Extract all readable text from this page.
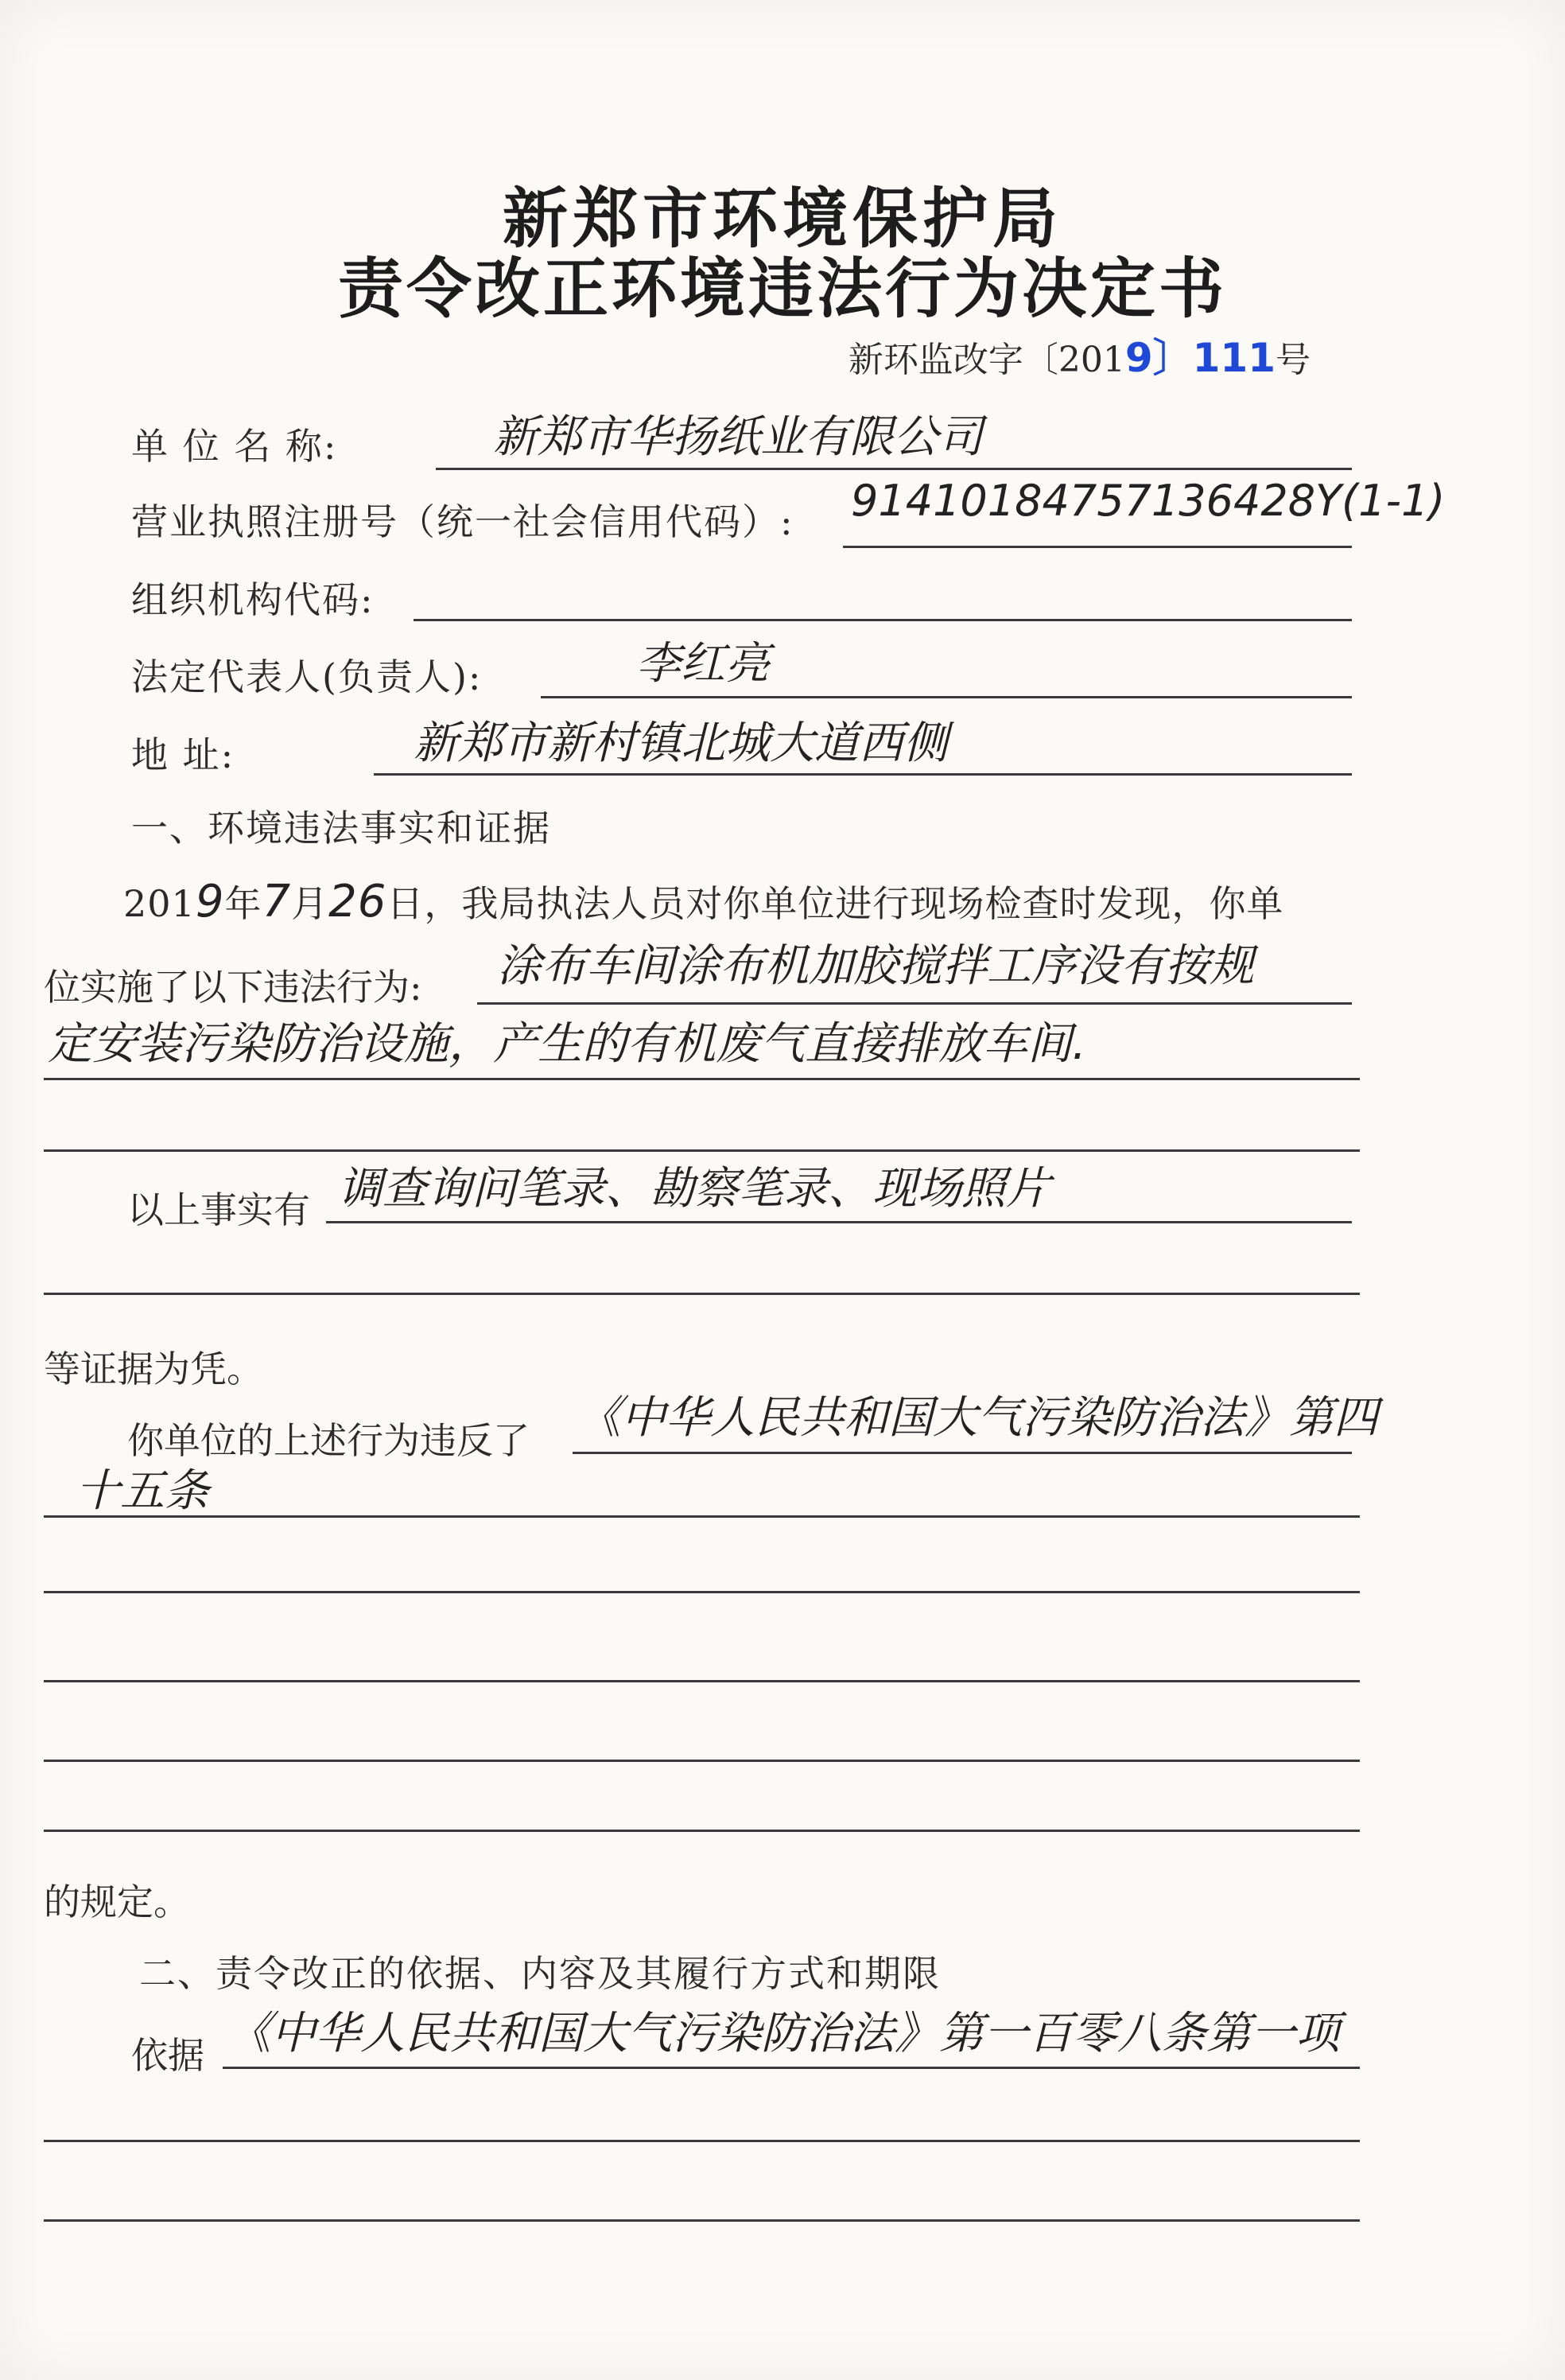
新郑市环境保护局
责令改正环境违法行为决定书
新环监改字〔2019〕111号
单 位 名 称:	新郑市华扬纸业有限公司
营业执照注册号（统一社会信用代码）: 91410184757136428Y(1-1)
组织机构代码:
法定代表人(负责人):	李红亮
地 址:	新郑市新村镇北城大道西侧
一、环境违法事实和证据
2019年7月26日，我局执法人员对你单位进行现场检查时发现，你单
位实施了以下违法行为: 涂布车间涂布机加胶搅拌工序没有按规
定安装污染防治设施，产生的有机废气直接排放车间.
以上事实有 调查询问笔录、勘察笔录、现场照片
等证据为凭。
你单位的上述行为违反了 《中华人民共和国大气污染防治法》第四
十五条
的规定。
二、责令改正的依据、内容及其履行方式和期限
依据 《中华人民共和国大气污染防治法》第一百零八条第一项
